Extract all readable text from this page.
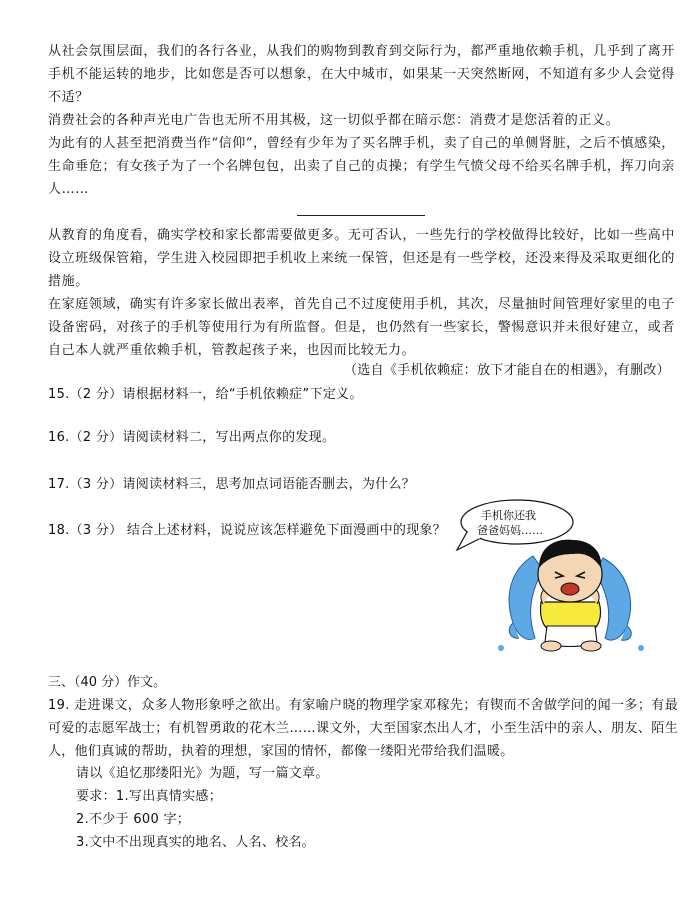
从社会氛围层面，我们的各行各业，从我们的购物到教育到交际行为，都严重地依赖手机，几乎到了离开手机不能运转的地步，比如您是否可以想象，在大中城市，如果某一天突然断网，不知道有多少人会觉得不适？

消费社会的各种声光电广告也无所不用其极，这一切似乎都在暗示您：消费才是您活着的正义。

为此有的人甚至把消费当作“信仰”，曾经有少年为了买名牌手机，卖了自己的单侧肾脏，之后不慎感染，生命垂危；有女孩子为了一个名牌包包，出卖了自己的贞操；有学生气愤父母不给买名牌手机，挥刀向亲人……

从教育的角度看，确实学校和家长都需要做更多。无可否认，一些先行的学校做得比较好，比如一些高中设立班级保管箱，学生进入校园即把手机收上来统一保管，但还是有一些学校，还没来得及采取更细化的措施。

在家庭领域，确实有许多家长做出表率，首先自己不过度使用手机，其次，尽量抽时间管理好家里的电子设备密码，对孩子的手机等使用行为有所监督。但是，也仍然有一些家长，警惕意识并未很好建立，或者自己本人就严重依赖手机，管教起孩子来，也因而比较无力。

（选自《手机依赖症：放下才能自在的相遇》，有删改）

15.（2 分）请根据材料一，给“手机依赖症”下定义。

16.（2 分）请阅读材料二，写出两点你的发现。

17.（3 分）请阅读材料三，思考加点词语能否删去，为什么？

18.（3 分） 结合上述材料，说说应该怎样避免下面漫画中的现象？

手机你还我

爸爸妈妈……

三、（40 分）作文。

19. 走进课文，众多人物形象呼之欲出。有家喻户晓的物理学家邓稼先；有锲而不舍做学问的闻一多；有最可爱的志愿军战士；有机智勇敢的花木兰……课文外，大至国家杰出人才，小至生活中的亲人、朋友、陌生人，他们真诚的帮助，执着的理想，家国的情怀，都像一缕阳光带给我们温暖。

请以《追忆那缕阳光》为题，写一篇文章。

要求：1.写出真情实感；

2.不少于 600 字；

3.文中不出现真实的地名、人名、校名。
